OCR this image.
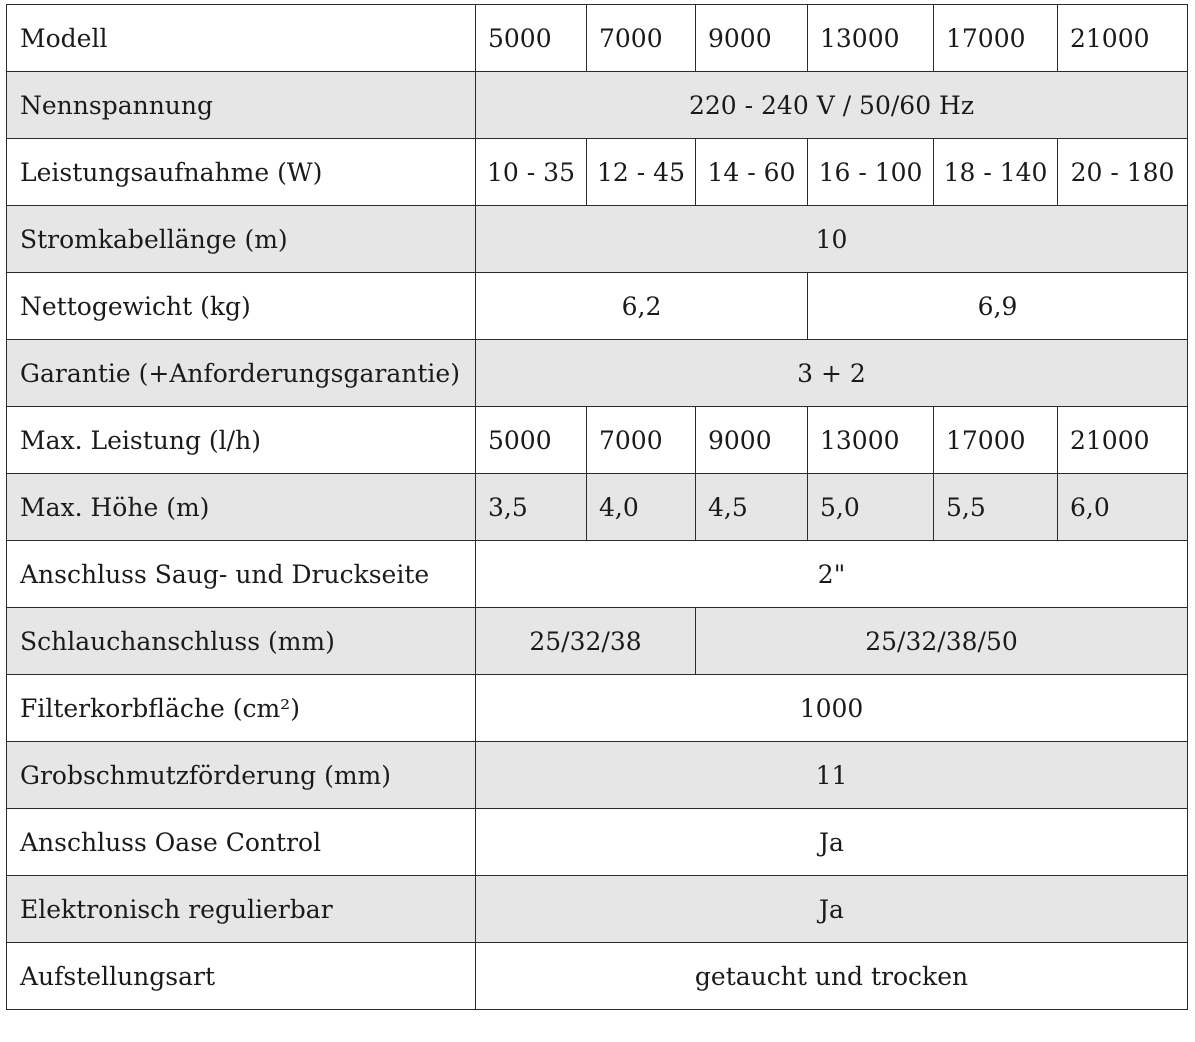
Modell	5000	7000	9000	13000	17000	21000
Nennspannung	220 - 240 V / 50/60 Hz					
Leistungsaufnahme (W)	10 - 35	12 - 45	14 - 60	16 - 100	18 - 140	20 - 180
Stromkabellänge (m)	10					
Nettogewicht (kg)	6,2			6,9		
Garantie (+Anforderungsgarantie)	3 + 2					
Max. Leistung (l/h)	5000	7000	9000	13000	17000	21000
Max. Höhe (m)	3,5	4,0	4,5	5,0	5,5	6,0
Anschluss Saug- und Druckseite	2"					
Schlauchanschluss (mm)	25/32/38		25/32/38/50			
Filterkorbfläche (cm²)	1000					
Grobschmutzförderung (mm)	11					
Anschluss Oase Control	Ja					
Elektronisch regulierbar	Ja					
Aufstellungsart	getaucht und trocken					
